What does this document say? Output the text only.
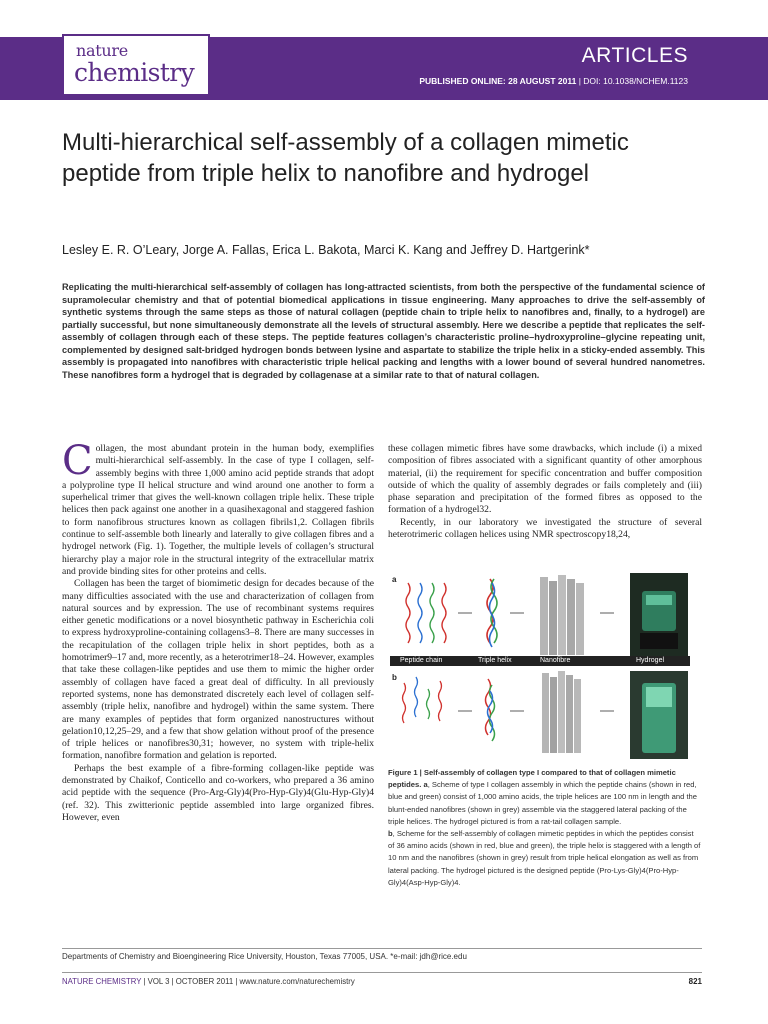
nature
chemistry
ARTICLES
PUBLISHED ONLINE: 28 AUGUST 2011 | DOI: 10.1038/NCHEM.1123
Multi-hierarchical self-assembly of a collagen mimetic peptide from triple helix to nanofibre and hydrogel
Lesley E. R. O’Leary, Jorge A. Fallas, Erica L. Bakota, Marci K. Kang and Jeffrey D. Hartgerink*
Replicating the multi-hierarchical self-assembly of collagen has long-attracted scientists, from both the perspective of the fundamental science of supramolecular chemistry and that of potential biomedical applications in tissue engineering. Many approaches to drive the self-assembly of synthetic systems through the same steps as those of natural collagen (peptide chain to triple helix to nanofibres and, finally, to a hydrogel) are partially successful, but none simultaneously demonstrate all the levels of structural assembly. Here we describe a peptide that replicates the self-assembly of collagen through each of these steps. The peptide features collagen’s characteristic proline–hydroxyproline–glycine repeating unit, complemented by designed salt-bridged hydrogen bonds between lysine and aspartate to stabilize the triple helix in a sticky-ended assembly. This assembly is propagated into nanofibres with characteristic triple helical packing and lengths with a lower bound of several hundred nanometres. These nanofibres form a hydrogel that is degraded by collagenase at a similar rate to that of natural collagen.

Collagen, the most abundant protein in the human body, exemplifies multi-hierarchical self-assembly. In the case of type I collagen, self-assembly begins with three 1,000 amino acid peptide strands that adopt a polyproline type II helical structure and wind around one another to form a superhelical trimer that gives the well-known collagen triple helix. These triple helices then pack against one another in a quasihexagonal and staggered fashion to form nanofibrous structures known as collagen fibrils1,2. Collagen fibrils continue to self-assemble both linearly and laterally to give collagen fibres and a hydrogel network (Fig. 1). Together, the multiple levels of collagen’s structural hierarchy play a major role in the structural integrity of the extracellular matrix and provide binding sites for other proteins and cells.

Collagen has been the target of biomimetic design for decades because of the many difficulties associated with the use and characterization of collagen from natural sources and by expression. The use of recombinant systems requires either genetic modifications or a novel biosynthetic pathway in Escherichia coli to express hydroxyproline-containing collagens3–8. There are many successes in the recapitulation of the collagen triple helix in short peptides, both as a homotrimer9–17 and, more recently, as a heterotrimer18–24. However, examples that take these collagen-like peptides and use them to mimic the higher order assembly of collagen have faced a great deal of difficulty. In all previously reported systems, none has demonstrated discretely each level of collagen self-assembly (triple helix, nanofibre and hydrogel) within the same system. There are many examples of peptides that form organized nanostructures without gelation10,12,25–29, and a few that show gelation without proof of the presence of triple helices or nanofibres30,31; however, no system with triple-helix formation, nanofibre formation and gelation is reported.

Perhaps the best example of a fibre-forming collagen-like peptide was demonstrated by Chaikof, Conticello and co-workers, who prepared a 36 amino acid peptide with the sequence (Pro-Arg-Gly)4(Pro-Hyp-Gly)4(Glu-Hyp-Gly)4 (ref. 32). This zwitterionic peptide assembled into large organized fibres. However, even

these collagen mimetic fibres have some drawbacks, which include (i) a mixed composition of fibres associated with a significant quantity of other amorphous material, (ii) the requirement for specific concentration and buffer composition outside of which the quality of assembly degrades or fails completely and (iii) phase separation and precipitation of the formed fibres as opposed to the formation of a hydrogel32.

Recently, in our laboratory we investigated the structure of several heterotrimeric collagen helices using NMR spectroscopy18,24,

a
b
Peptide chain	Triple helix	Nanofibre	Hydrogel
Figure 1 | Self-assembly of collagen type I compared to that of collagen mimetic peptides. a, Scheme of type I collagen assembly in which the peptide chains (shown in red, blue and green) consist of 1,000 amino acids, the triple helices are 100 nm in length and the blunt-ended nanofibres (shown in grey) assemble via the staggered lateral packing of the triple helices. The hydrogel pictured is from a rat-tail collagen sample.
b, Scheme for the self-assembly of collagen mimetic peptides in which the peptides consist of 36 amino acids (shown in red, blue and green), the triple helix is staggered with a length of 10 nm and the nanofibres (shown in grey) result from triple helical elongation as well as from lateral packing. The hydrogel pictured is the designed peptide (Pro-Lys-Gly)4(Pro-Hyp-Gly)4(Asp-Hyp-Gly)4.
Departments of Chemistry and Bioengineering Rice University, Houston, Texas 77005, USA. *e-mail: jdh@rice.edu
NATURE CHEMISTRY | VOL 3 | OCTOBER 2011 | www.nature.com/naturechemistry	821
